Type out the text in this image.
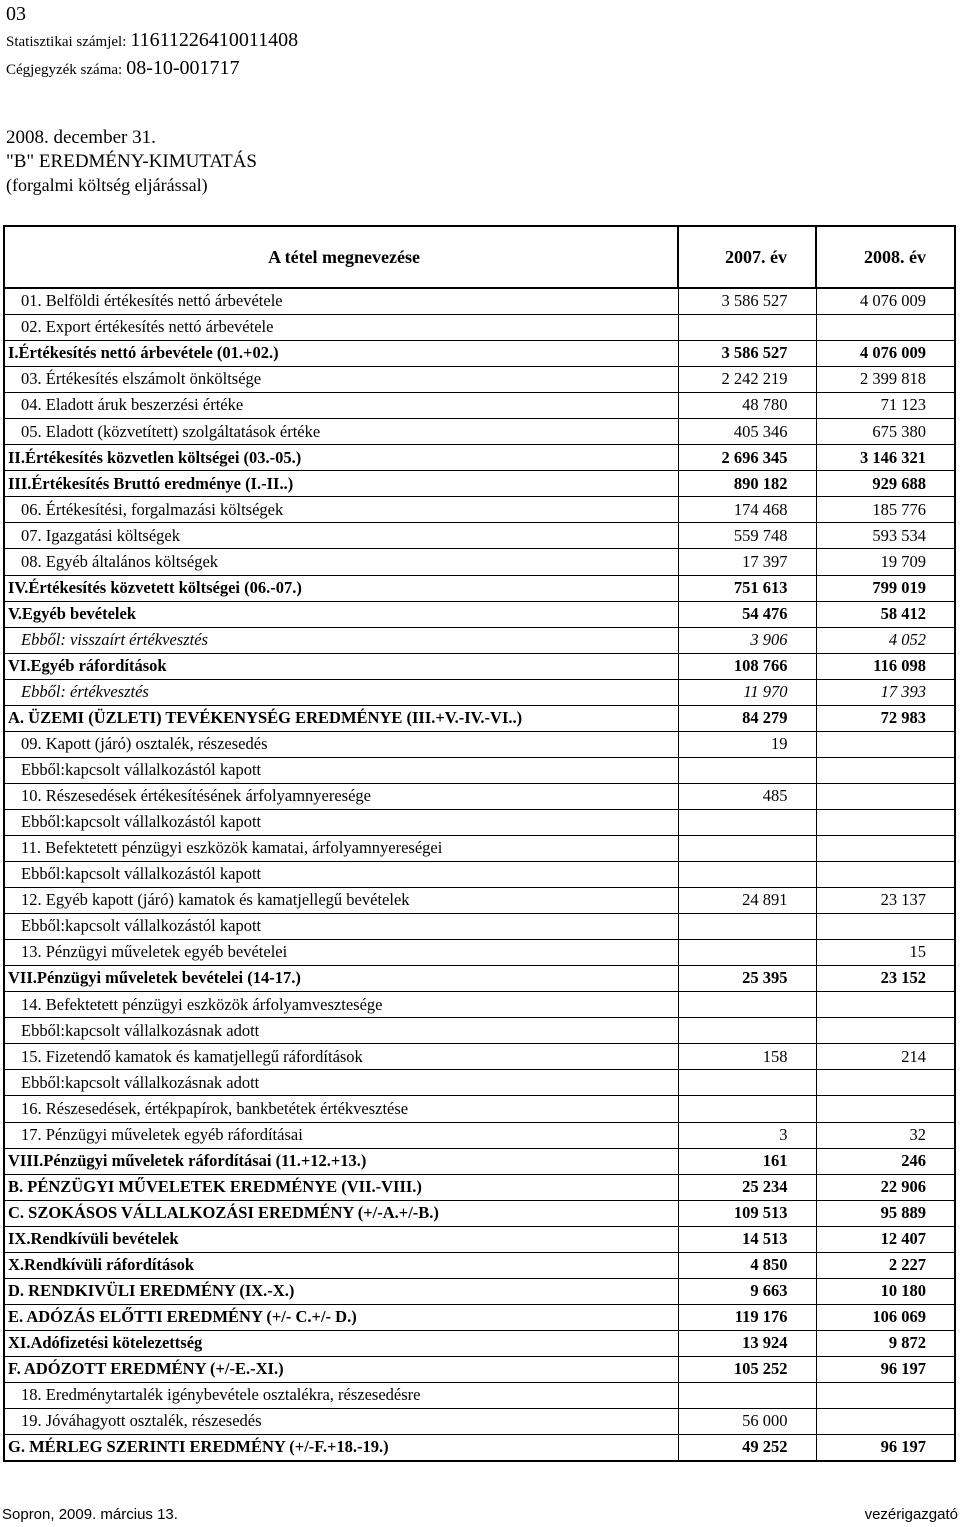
03
Statisztikai számjel: 11611226410011408
Cégjegyzék száma: 08-10-001717
2008. december 31.
"B" EREDMÉNY-KIMUTATÁS
(forgalmi költség eljárással)
A tétel megnevezése	2007. év	2008. év
01. Belföldi értékesítés nettó árbevétele	3 586 527	4 076 009
02. Export értékesítés nettó árbevétele		
I.Értékesítés nettó árbevétele (01.+02.)	3 586 527	4 076 009
03. Értékesítés elszámolt önköltsége	2 242 219	2 399 818
04. Eladott áruk beszerzési értéke	48 780	71 123
05. Eladott (közvetített) szolgáltatások értéke	405 346	675 380
II.Értékesítés közvetlen költségei (03.-05.)	2 696 345	3 146 321
III.Értékesítés Bruttó eredménye (I.-II..)	890 182	929 688
06. Értékesítési, forgalmazási költségek	174 468	185 776
07. Igazgatási költségek	559 748	593 534
08. Egyéb általános költségek	17 397	19 709
IV.Értékesítés közvetett költségei (06.-07.)	751 613	799 019
V.Egyéb bevételek	54 476	58 412
Ebből: visszaírt értékvesztés	3 906	4 052
VI.Egyéb ráfordítások	108 766	116 098
Ebből: értékvesztés	11 970	17 393
A. ÜZEMI (ÜZLETI) TEVÉKENYSÉG EREDMÉNYE (III.+V.-IV.-VI..)	84 279	72 983
09. Kapott (járó) osztalék, részesedés	19	
Ebből:kapcsolt vállalkozástól kapott		
10. Részesedések értékesítésének árfolyamnyeresége	485	
Ebből:kapcsolt vállalkozástól kapott		
11. Befektetett pénzügyi eszközök kamatai, árfolyamnyereségei		
Ebből:kapcsolt vállalkozástól kapott		
12. Egyéb kapott (járó) kamatok és kamatjellegű bevételek	24 891	23 137
Ebből:kapcsolt vállalkozástól kapott		
13. Pénzügyi műveletek egyéb bevételei		15
VII.Pénzügyi műveletek bevételei (14-17.)	25 395	23 152
14. Befektetett pénzügyi eszközök árfolyamvesztesége		
Ebből:kapcsolt vállalkozásnak adott		
15. Fizetendő kamatok és kamatjellegű ráfordítások	158	214
Ebből:kapcsolt vállalkozásnak adott		
16. Részesedések, értékpapírok, bankbetétek értékvesztése		
17. Pénzügyi műveletek egyéb ráfordításai	3	32
VIII.Pénzügyi műveletek ráfordításai (11.+12.+13.)	161	246
B. PÉNZÜGYI MŰVELETEK EREDMÉNYE (VII.-VIII.)	25 234	22 906
C. SZOKÁSOS VÁLLALKOZÁSI EREDMÉNY (+/-A.+/-B.)	109 513	95 889
IX.Rendkívüli bevételek	14 513	12 407
X.Rendkívüli ráfordítások	4 850	2 227
D. RENDKIVÜLI EREDMÉNY (IX.-X.)	9 663	10 180
E. ADÓZÁS ELŐTTI EREDMÉNY (+/- C.+/- D.)	119 176	106 069
XI.Adófizetési kötelezettség	13 924	9 872
F. ADÓZOTT EREDMÉNY (+/-E.-XI.)	105 252	96 197
18. Eredménytartalék igénybevétele osztalékra, részesedésre		
19. Jóváhagyott osztalék, részesedés	56 000	
G. MÉRLEG SZERINTI EREDMÉNY (+/-F.+18.-19.)	49 252	96 197
Sopron, 2009. március 13.	vezérigazgató
